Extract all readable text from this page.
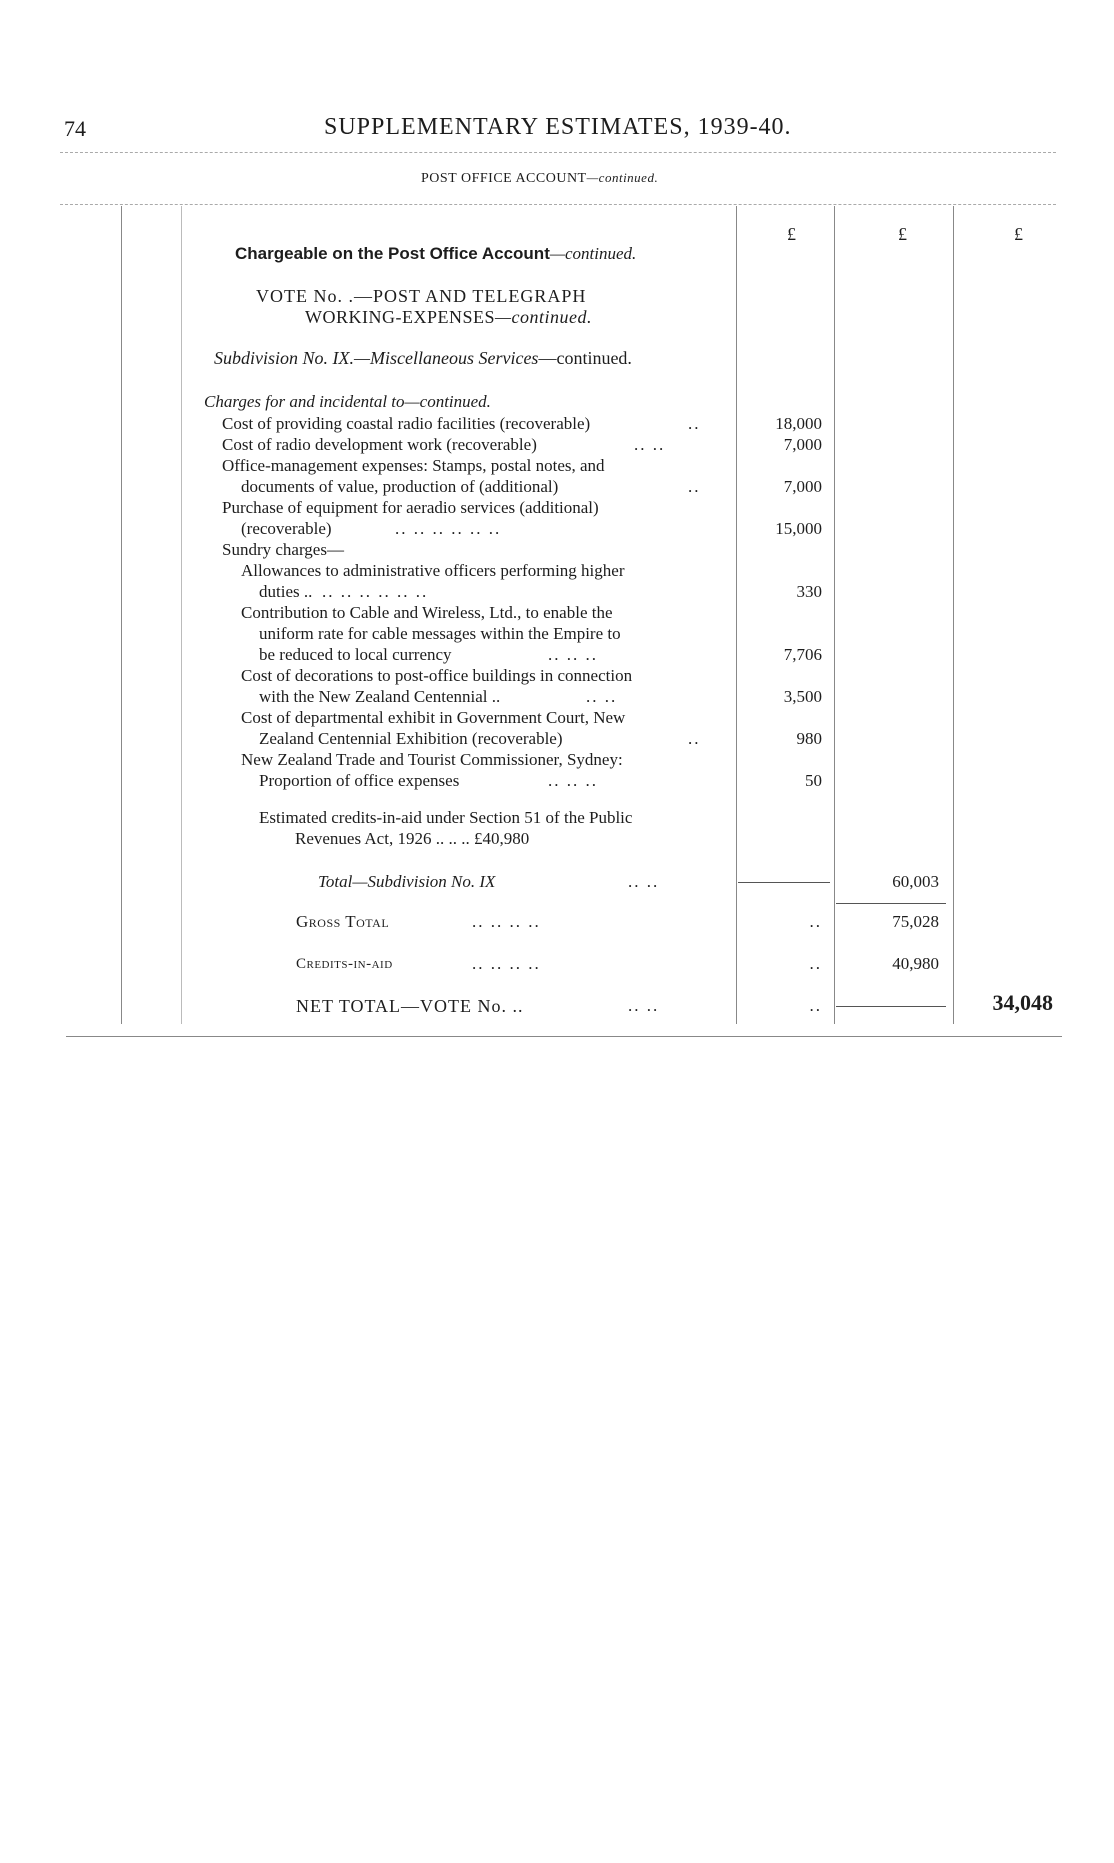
74	SUPPLEMENTARY ESTIMATES, 1939-40.
POST OFFICE ACCOUNT—continued.
£	£	£
Chargeable on the Post Office Account—continued.
VOTE No. .—POST AND TELEGRAPH
WORKING-EXPENSES—continued.
Subdivision No. IX.—Miscellaneous Services—continued.
Charges for and incidental to—continued.
Cost of providing coastal radio facilities (recoverable)	..	18,000
Cost of radio development work (recoverable)	.. ..	7,000
Office-management expenses: Stamps, postal notes, and
documents of value, production of (additional)	..	7,000
Purchase of equipment for aeradio services (additional)
(recoverable)	.. .. .. .. .. ..	15,000
Sundry charges—
Allowances to administrative officers performing higher
duties .. .. .. .. .. .. ..	330
Contribution to Cable and Wireless, Ltd., to enable the
uniform rate for cable messages within the Empire to
be reduced to local currency	.. .. ..	7,706
Cost of decorations to post-office buildings in connection
with the New Zealand Centennial ..	.. ..	3,500
Cost of departmental exhibit in Government Court, New
Zealand Centennial Exhibition (recoverable)	..	980
New Zealand Trade and Tourist Commissioner, Sydney:
Proportion of office expenses	.. .. ..	50
Estimated credits-in-aid under Section 51 of the Public
Revenues Act, 1926 .. .. .. £40,980
Total—Subdivision No. IX	.. ..	60,003
Gross Total	.. .. .. ..	..	75,028
Credits-in-aid	.. .. .. ..	..	40,980
NET TOTAL—VOTE No. ..	.. ..	..	34,048
